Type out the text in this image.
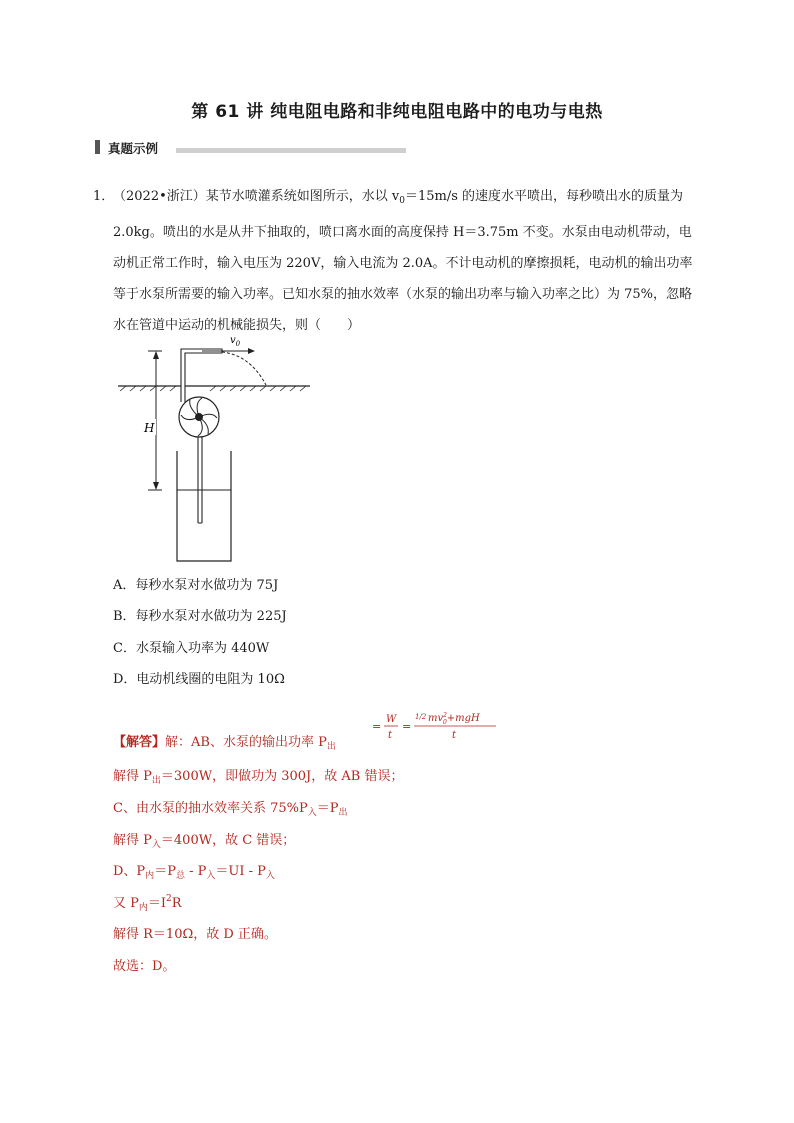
第 61 讲 纯电阻电路和非纯电阻电路中的电功与电热
真题示例
1．
（2022•浙江）某节水喷灌系统如图所示，水以 $v_0=15m/s$ 的速度水平喷出，每秒喷出水的质量为 2.0kg。喷出的水是从井下抽取的，喷口离水面的高度保持 H＝3.75m 不变。水泵由电动机带动，电动机正常工作时，输入电压为 220V，输入电流为 2.0A。不计电动机的摩擦损耗，电动机的输出功率等于水泵所需要的输入功率。已知水泵的抽水效率（水泵的输出功率与输入功率之比）为 75%，忽略水在管道中运动的机械能损失，则（　　）
$v_0$
H
A．每秒水泵对水做功为 75J
B．每秒水泵对水做功为 225J
C．水泵输入功率为 440W
D．电动机线圈的电阻为 10Ω
【解答】解：AB、水泵的输出功率 $P_出$
=
W
t
=
1/2 $mv^2$ 0+mgH
t
解得 $P_出=300W$，即做功为 300J，故 AB 错误；
C、由水泵的抽水效率关系 $75\%P_入=P_出$
解得 $P_入=400W$，故 C 错误；
D、$P_内=P_总 - P_入=UI - P_入$
又 $P_内=I^2R$
解得 R＝10Ω，故 D 正确。
故选：D。
